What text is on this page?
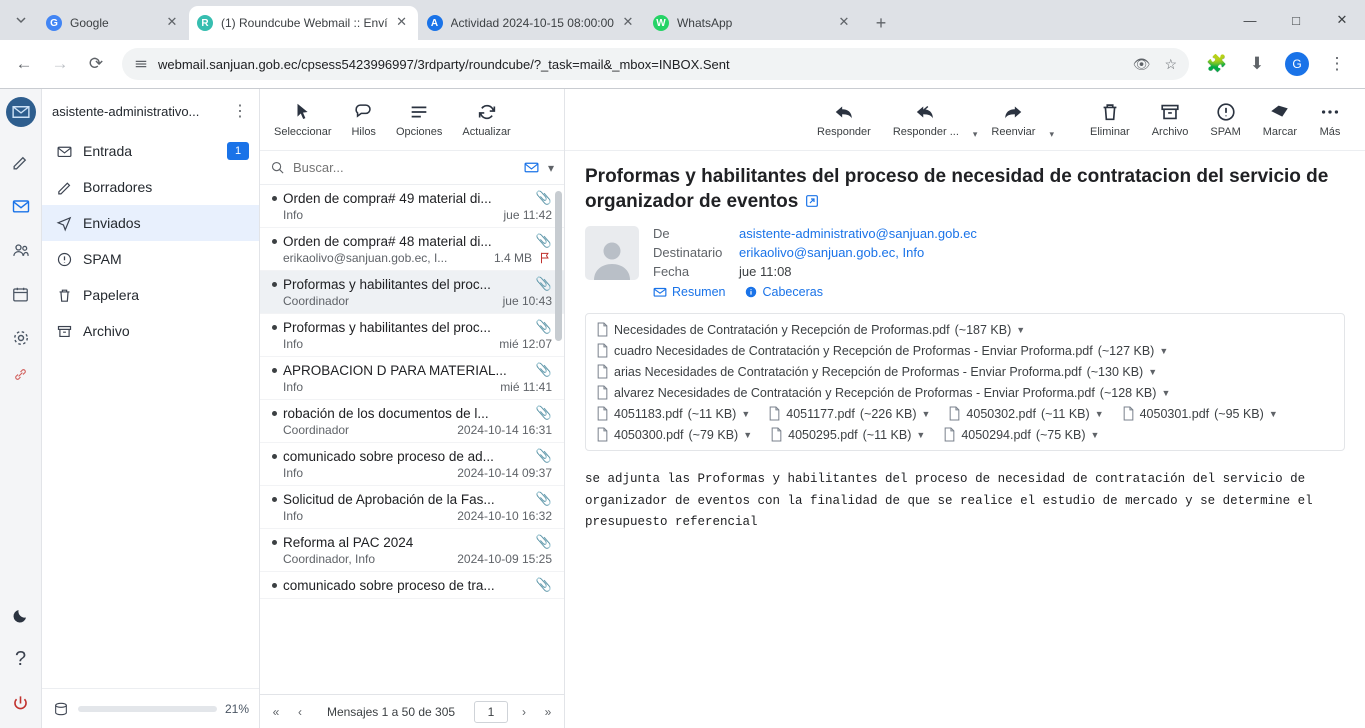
G	Google	✕	R	(1) Roundcube Webmail :: Enví ✕	A	Actividad 2024-10-15 08:00:00 ✕	W WhatsApp	✕	+	—	□	✕
←	→	⟳	webmail.sanjuan.gob.ec/cpsess5423996997/3rdparty/roundcube/?_task=mail&_mbox=INBOX.Sent	👁 ☆	🧩	⬇	G	⋮
?
asistente-administrativo...	⋮
Entrada	1
Borradores
Enviados
SPAM
Papelera
Archivo
21%
Seleccionar Hilos Opciones Actualizar
Buscar...
▾
Orden de compra# 49 material di...	📎
Info	jue 11:42
Orden de compra# 48 material di...	📎
erikaolivo@sanjuan.gob.ec, I...	1.4 MB
Proformas y habilitantes del proc...	📎
Coordinador	jue 10:43
Proformas y habilitantes del proc...	📎
Info	mié 12:07
APROBACION D PARA MATERIAL...	📎
Info	mié 11:41
robación de los documentos de l...	📎
Coordinador	2024-10-14 16:31
comunicado sobre proceso de ad...	📎
Info	2024-10-14 09:37
Solicitud de Aprobación de la Fas...	📎
Info	2024-10-10 16:32
Reforma al PAC 2024	📎
Coordinador, Info	2024-10-09 15:25
comunicado sobre proceso de tra...	📎
«	‹	Mensajes 1 a 50 de 305
1	›	»
Responder Responder ... ▾ Reenviar ▾	Eliminar Archivo SPAM Marcar Más
Proformas y habilitantes del proceso de necesidad de contratacion del servicio de organizador de eventos
De	asistente-administrativo@sanjuan.gob.ec
Destinatario	erikaolivo@sanjuan.gob.ec, Info
Fecha	jue 11:08
Resumen	Cabeceras
Necesidades de Contratación y Recepción de Proformas.pdf (~187 KB) ▼
cuadro Necesidades de Contratación y Recepción de Proformas - Enviar Proforma.pdf (~127 KB) ▼
arias Necesidades de Contratación y Recepción de Proformas - Enviar Proforma.pdf (~130 KB) ▼
alvarez Necesidades de Contratación y Recepción de Proformas - Enviar Proforma.pdf (~128 KB) ▼
4051183.pdf (~11 KB) ▼	4051177.pdf (~226 KB) ▼	4050302.pdf (~11 KB) ▼	4050301.pdf (~95 KB) ▼
4050300.pdf (~79 KB) ▼	4050295.pdf (~11 KB) ▼	4050294.pdf (~75 KB) ▼
se adjunta las Proformas y habilitantes del proceso de necesidad de contratación del servicio de organizador de eventos con la finalidad de que se realice el estudio de mercado y se determine el presupuesto referencial
